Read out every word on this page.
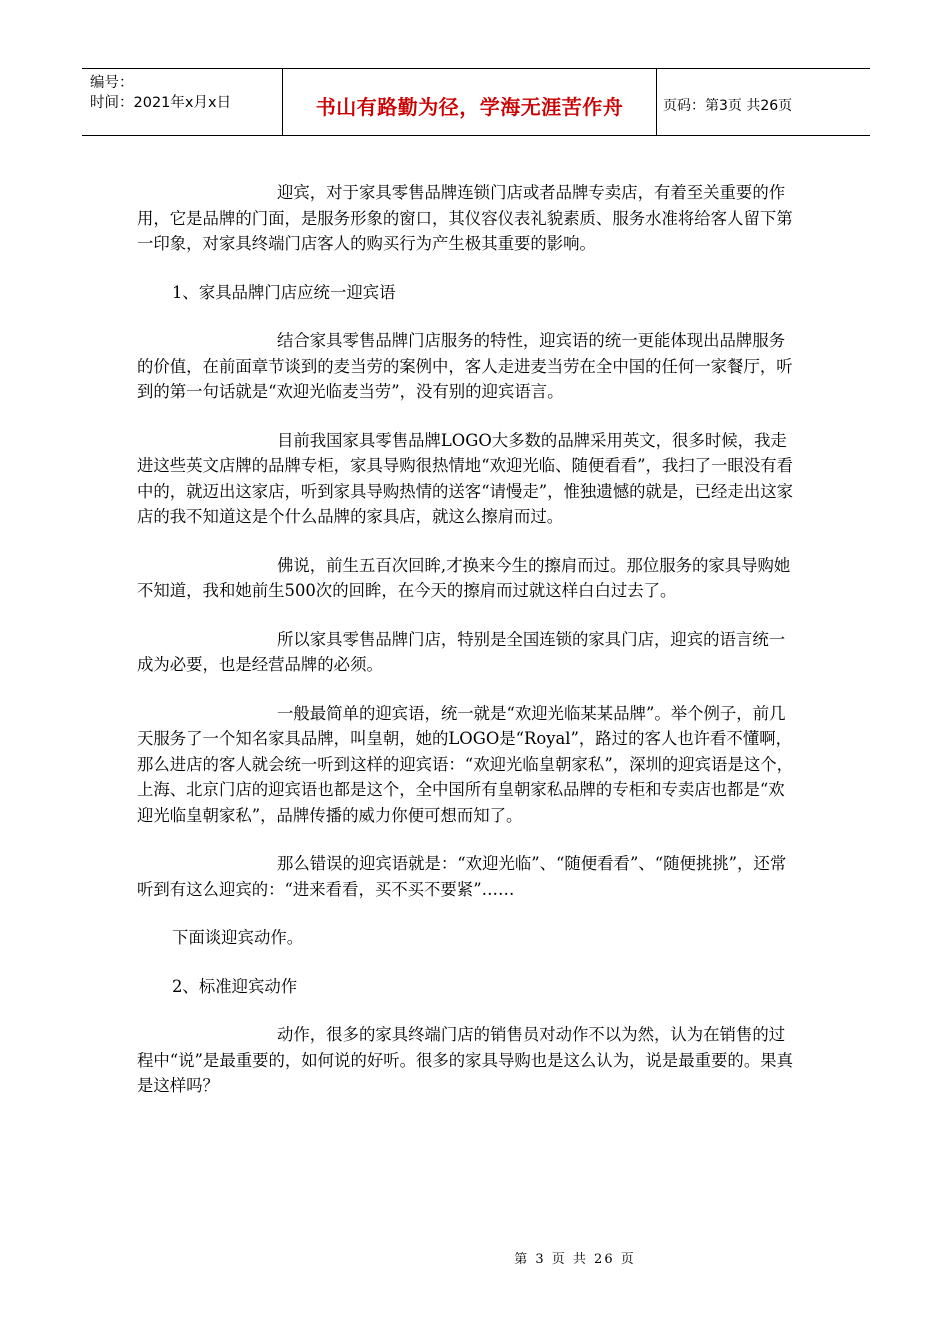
编号：
时间：2021年x月x日	书山有路勤为径，学海无涯苦作舟	页码：第3页 共26页

迎宾，对于家具零售品牌连锁门店或者品牌专卖店，有着至关重要的作用，它是品牌的门面，是服务形象的窗口，其仪容仪表礼貌素质、服务水准将给客人留下第一印象，对家具终端门店客人的购买行为产生极其重要的影响。

1、家具品牌门店应统一迎宾语

结合家具零售品牌门店服务的特性，迎宾语的统一更能体现出品牌服务的价值，在前面章节谈到的麦当劳的案例中，客人走进麦当劳在全中国的任何一家餐厅，听到的第一句话就是“欢迎光临麦当劳”，没有别的迎宾语言。

目前我国家具零售品牌LOGO大多数的品牌采用英文，很多时候，我走进这些英文店牌的品牌专柜，家具导购很热情地“欢迎光临、随便看看”，我扫了一眼没有看中的，就迈出这家店，听到家具导购热情的送客“请慢走”，惟独遗憾的就是，已经走出这家店的我不知道这是个什么品牌的家具店，就这么擦肩而过。

佛说，前生五百次回眸,才换来今生的擦肩而过。那位服务的家具导购她不知道，我和她前生500次的回眸，在今天的擦肩而过就这样白白过去了。

所以家具零售品牌门店，特别是全国连锁的家具门店，迎宾的语言统一成为必要，也是经营品牌的必须。

一般最简单的迎宾语，统一就是“欢迎光临某某品牌”。举个例子，前几天服务了一个知名家具品牌，叫皇朝，她的LOGO是“Royal”，路过的客人也许看不懂啊，那么进店的客人就会统一听到这样的迎宾语：“欢迎光临皇朝家私”，深圳的迎宾语是这个，上海、北京门店的迎宾语也都是这个，全中国所有皇朝家私品牌的专柜和专卖店也都是“欢迎光临皇朝家私”，品牌传播的威力你便可想而知了。

那么错误的迎宾语就是：“欢迎光临”、“随便看看”、“随便挑挑”，还常听到有这么迎宾的：“进来看看，买不买不要紧”……

下面谈迎宾动作。

2、标准迎宾动作

动作，很多的家具终端门店的销售员对动作不以为然，认为在销售的过程中“说”是最重要的，如何说的好听。很多的家具导购也是这么认为，说是最重要的。果真是这样吗？

第 3 页 共 26 页
